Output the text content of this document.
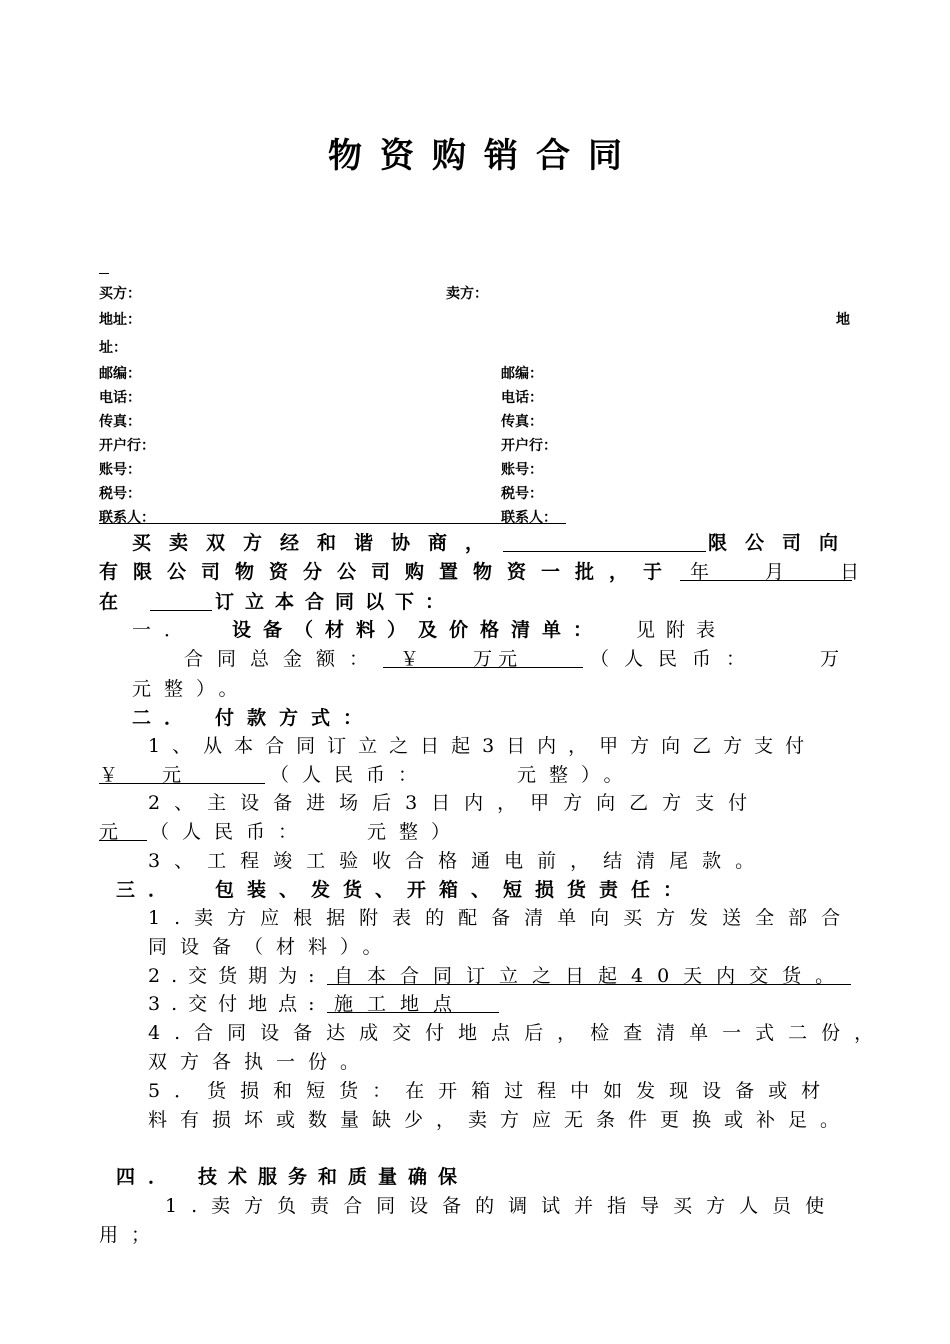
物资购销合同
买方：	卖方：
地址：	地
址：
邮编：	邮编：
电话：	电话：
传真：	传真：
开户行：	开户行：
账号：	账号：
税号：	税号：
联系人：	联系人：
买卖双方经和谐协商，	限公司向
有限公司物资分公司购置物资一批，于 年 月 日
在	订立本合同以下：
一． 设备（材料）及价格清单： 见附表
合同总金额： ￥    万元	（人民币：	万
元整）。
二． 付款方式：
1、从本合同订立之日起3日内，甲方向乙方支付
￥    元	（人民币：	元整）。
2、主设备进场后3日内，甲方向乙方支付
元 （人民币：	元整）
3、工程竣工验收合格通电前，结清尾款。
三． 包装、发货、开箱、短损货责任：
1.卖方应根据附表的配备清单向买方发送全部合
同设备（材料）。
2.交货期为: 自本合同订立之日起40天内交货。
3.交付地点: 施工地点
4.合同设备达成交付地点后，检查清单一式二份，
双方各执一份。
5．货损和短货：在开箱过程中如发现设备或材
料有损坏或数量缺少，卖方应无条件更换或补足。
四． 技术服务和质量确保
1.卖方负责合同设备的调试并指导买方人员使
用；
